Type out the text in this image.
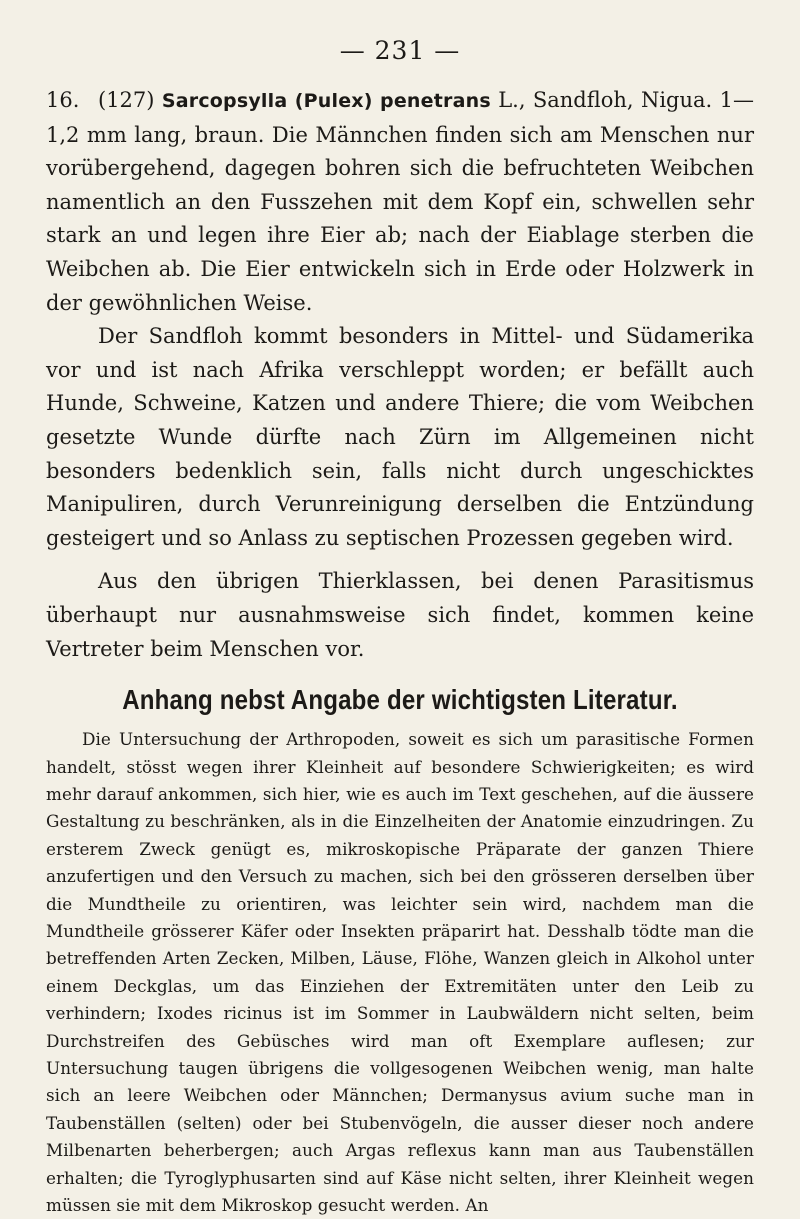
— 231 —

16. (127) Sarcopsylla (Pulex) penetrans L., Sandfloh, Nigua. 1—1,2 mm lang, braun. Die Männchen finden sich am Menschen nur vorübergehend, dagegen bohren sich die befruchteten Weibchen namentlich an den Fusszehen mit dem Kopf ein, schwellen sehr stark an und legen ihre Eier ab; nach der Eiablage sterben die Weibchen ab. Die Eier entwickeln sich in Erde oder Holzwerk in der gewöhnlichen Weise.

Der Sandfloh kommt besonders in Mittel- und Südamerika vor und ist nach Afrika verschleppt worden; er befällt auch Hunde, Schweine, Katzen und andere Thiere; die vom Weibchen gesetzte Wunde dürfte nach Zürn im Allgemeinen nicht besonders bedenklich sein, falls nicht durch ungeschicktes Manipuliren, durch Verunreinigung derselben die Entzündung gesteigert und so Anlass zu septischen Prozessen gegeben wird.

Aus den übrigen Thierklassen, bei denen Parasitismus überhaupt nur ausnahmsweise sich findet, kommen keine Vertreter beim Menschen vor.

Anhang nebst Angabe der wichtigsten Literatur.

Die Untersuchung der Arthropoden, soweit es sich um parasitische Formen handelt, stösst wegen ihrer Kleinheit auf besondere Schwierigkeiten; es wird mehr darauf ankommen, sich hier, wie es auch im Text geschehen, auf die äussere Gestaltung zu beschränken, als in die Einzelheiten der Anatomie einzudringen. Zu ersterem Zweck genügt es, mikroskopische Präparate der ganzen Thiere anzufertigen und den Versuch zu machen, sich bei den grösseren derselben über die Mundtheile zu orientiren, was leichter sein wird, nachdem man die Mundtheile grösserer Käfer oder Insekten präparirt hat. Desshalb tödte man die betreffenden Arten Zecken, Milben, Läuse, Flöhe, Wanzen gleich in Alkohol unter einem Deckglas, um das Einziehen der Extremitäten unter den Leib zu verhindern; Ixodes ricinus ist im Sommer in Laubwäldern nicht selten, beim Durchstreifen des Gebüsches wird man oft Exemplare auflesen; zur Untersuchung taugen übrigens die vollgesogenen Weibchen wenig, man halte sich an leere Weibchen oder Männchen; Dermanysus avium suche man in Taubenställen (selten) oder bei Stubenvögeln, die ausser dieser noch andere Milbenarten beherbergen; auch Argas reflexus kann man aus Taubenställen erhalten; die Tyroglyphusarten sind auf Käse nicht selten, ihrer Kleinheit wegen müssen sie mit dem Mikroskop gesucht werden. An
